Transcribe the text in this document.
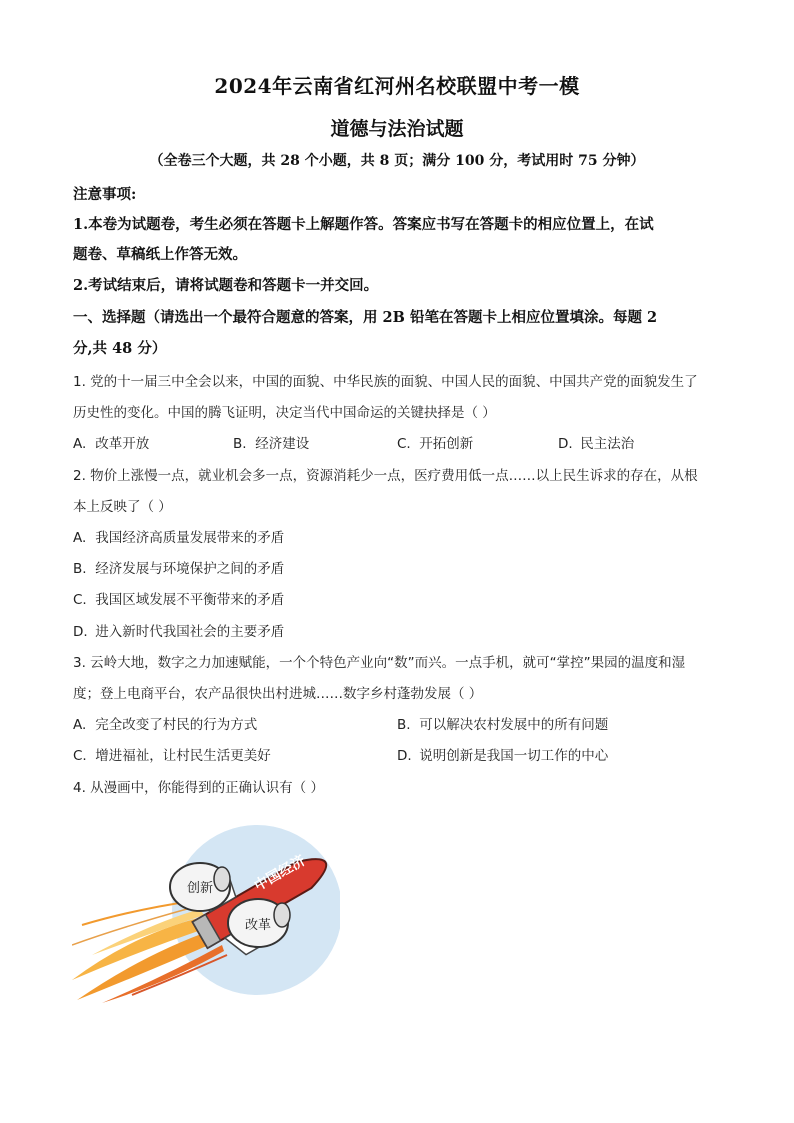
2024年云南省红河州名校联盟中考一模
道德与法治试题
（全卷三个大题，共 28 个小题，共 8 页；满分 100 分，考试用时 75 分钟）
注意事项:
1.本卷为试题卷，考生必须在答题卡上解题作答。答案应书写在答题卡的相应位置上，在试
题卷、草稿纸上作答无效。
2.考试结束后，请将试题卷和答题卡一并交回。
一、选择题（请选出一个最符合题意的答案，用 2B 铅笔在答题卡上相应位置填涂。每题 2
分,共 48 分）
1. 党的十一届三中全会以来，中国的面貌、中华民族的面貌、中国人民的面貌、中国共产党的面貌发生了
历史性的变化。中国的腾飞证明，决定当代中国命运的关键抉择是（ ）
A. 改革开放	B. 经济建设	C. 开拓创新	D. 民主法治
2. 物价上涨慢一点，就业机会多一点，资源消耗少一点，医疗费用低一点……以上民生诉求的存在，从根
本上反映了（ ）
A. 我国经济高质量发展带来的矛盾
B. 经济发展与环境保护之间的矛盾
C. 我国区域发展不平衡带来的矛盾
D. 进入新时代我国社会的主要矛盾
3. 云岭大地，数字之力加速赋能，一个个特色产业向“数”而兴。一点手机，就可“掌控”果园的温度和湿
度；登上电商平台，农产品很快出村进城……数字乡村蓬勃发展（ ）
A. 完全改变了村民的行为方式	B. 可以解决农村发展中的所有问题
C. 增进福祉，让村民生活更美好	D. 说明创新是我国一切工作的中心
4. 从漫画中，你能得到的正确认识有（ ）
创新
改革
中国经济
